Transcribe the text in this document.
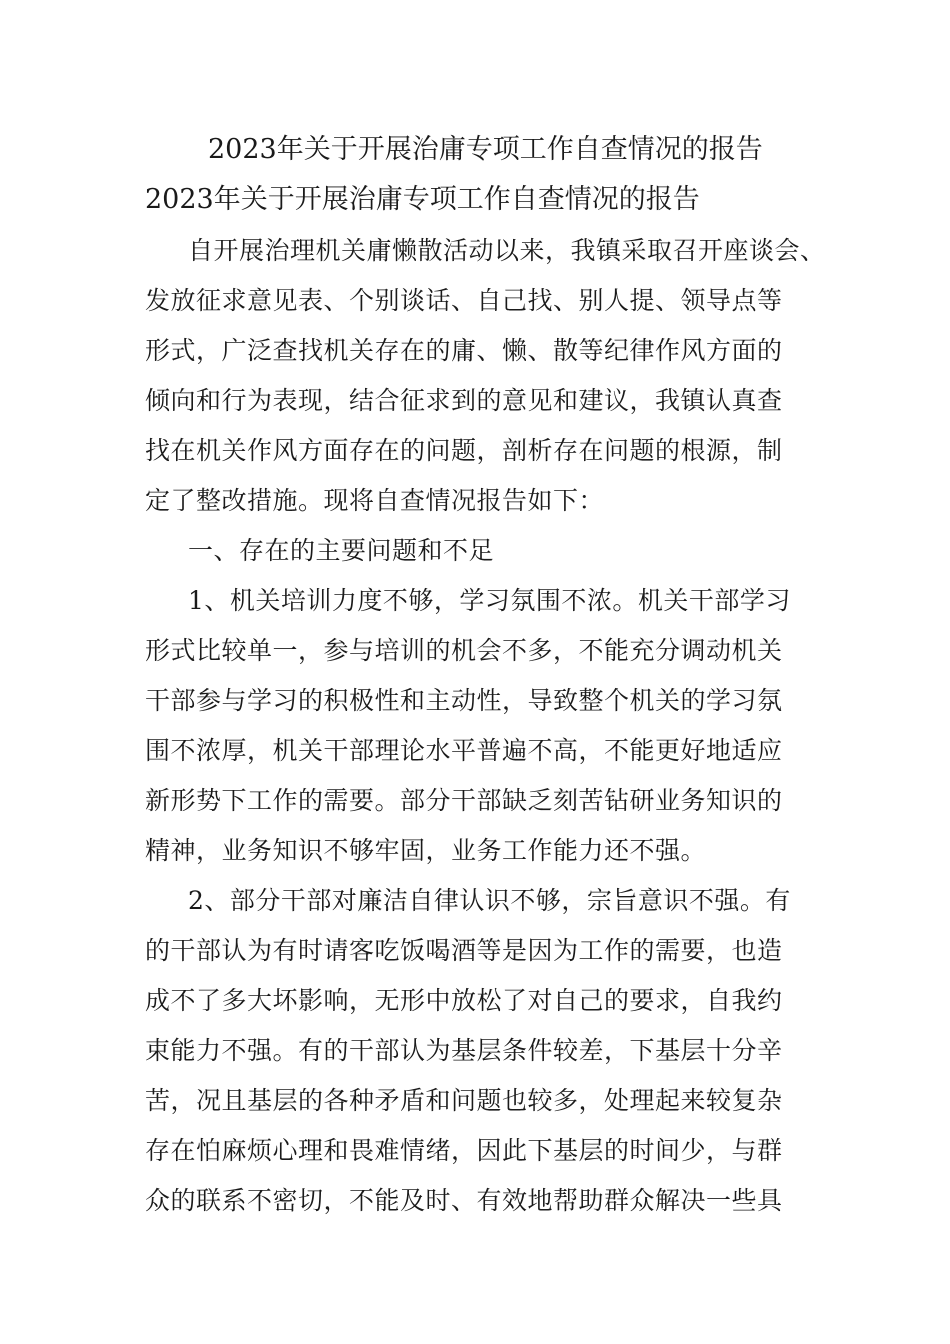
2023年关于开展治庸专项工作自查情况的报告
2023年关于开展治庸专项工作自查情况的报告
自开展治理机关庸懒散活动以来，我镇采取召开座谈会、
发放征求意见表、个别谈话、自己找、别人提、领导点等
形式，广泛查找机关存在的庸、懒、散等纪律作风方面的
倾向和行为表现，结合征求到的意见和建议，我镇认真查
找在机关作风方面存在的问题，剖析存在问题的根源，制
定了整改措施。现将自查情况报告如下：
一、存在的主要问题和不足
1、机关培训力度不够，学习氛围不浓。机关干部学习
形式比较单一，参与培训的机会不多，不能充分调动机关
干部参与学习的积极性和主动性，导致整个机关的学习氛
围不浓厚，机关干部理论水平普遍不高，不能更好地适应
新形势下工作的需要。部分干部缺乏刻苦钻研业务知识的
精神，业务知识不够牢固，业务工作能力还不强。
2、部分干部对廉洁自律认识不够，宗旨意识不强。有
的干部认为有时请客吃饭喝酒等是因为工作的需要，也造
成不了多大坏影响，无形中放松了对自己的要求，自我约
束能力不强。有的干部认为基层条件较差，下基层十分辛
苦，况且基层的各种矛盾和问题也较多，处理起来较复杂
存在怕麻烦心理和畏难情绪，因此下基层的时间少，与群
众的联系不密切，不能及时、有效地帮助群众解决一些具
